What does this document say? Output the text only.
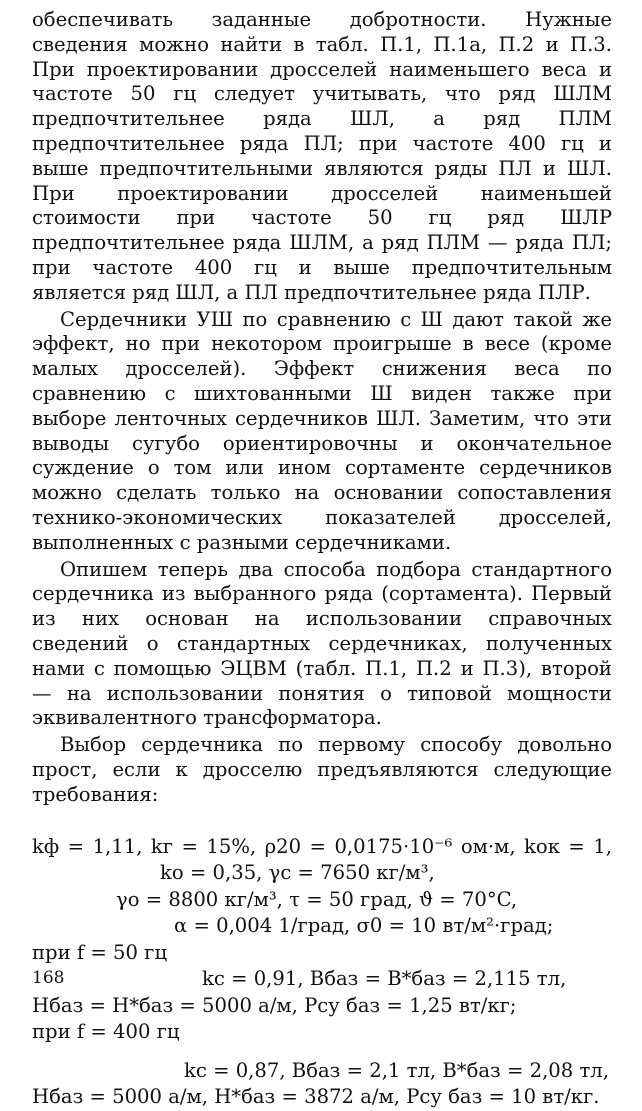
обеспечивать заданные добротности. Нужные сведения можно найти в табл. П.1, П.1а, П.2 и П.3. При проектировании дросселей наименьшего веса и частоте 50 гц следует учитывать, что ряд ШЛМ предпочтительнее ряда ШЛ, а ряд ПЛМ предпочтительнее ряда ПЛ; при частоте 400 гц и выше предпочтительными являются ряды ПЛ и ШЛ. При проектировании дросселей наименьшей стоимости при частоте 50 гц ряд ШЛР предпочтительнее ряда ШЛМ, а ряд ПЛМ — ряда ПЛ; при частоте 400 гц и выше предпочтительным является ряд ШЛ, а ПЛ предпочтительнее ряда ПЛР.

Сердечники УШ по сравнению с Ш дают такой же эффект, но при некотором проигрыше в весе (кроме малых дросселей). Эффект снижения веса по сравнению с шихтованными Ш виден также при выборе ленточных сердечников ШЛ. Заметим, что эти выводы сугубо ориентировочны и окончательное суждение о том или ином сортаменте сердечников можно сделать только на основании сопоставления технико-экономических показателей дросселей, выполненных с разными сердечниками.

Опишем теперь два способа подбора стандартного сердечника из выбранного ряда (сортамента). Первый из них основан на использовании справочных сведений о стандартных сердечниках, полученных нами с помощью ЭЦВМ (табл. П.1, П.2 и П.3), второй — на использовании понятия о типовой мощности эквивалентного трансформатора.

Выбор сердечника по первому способу довольно прост, если к дросселю предъявляются следующие требования:

kф = 1,11, kг = 15%, ρ20 = 0,0175·10⁻⁶ ом·м, kок = 1,
kо = 0,35, γс = 7650 кг/м³,
γо = 8800 кг/м³, τ = 50 град, ϑ = 70°C,
α = 0,004 1/град, σ0 = 10 вт/м²·град;
при f = 50 гц
kс = 0,91, Bбаз = B*баз = 2,115 тл,
Hбаз = H*баз = 5000 а/м, Pсу баз = 1,25 вт/кг;
при f = 400 гц
kс = 0,87, Bбаз = 2,1 тл, B*баз = 2,08 тл,
Hбаз = 5000 а/м, H*баз = 3872 а/м, Pсу баз = 10 вт/кг.
168
